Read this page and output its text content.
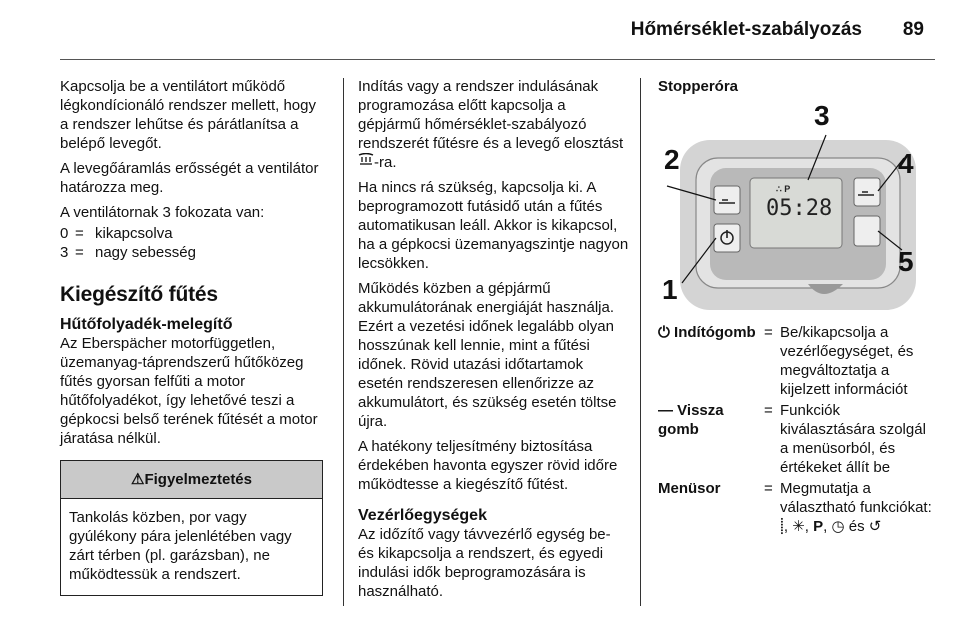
Hőmérséklet-szabályozás	89

Kapcsolja be a ventilátort működő légkondícionáló rendszer mellett, hogy a rendszer lehűtse és párátlanítsa a belépő levegőt.

A levegőáramlás erősségét a ventilátor határozza meg.

A ventilátornak 3 fokozata van:

0 = kikapcsolva
3 = nagy sebesség
Kiegészítő fűtés
Hűtőfolyadék-melegítő

Az Eberspächer motorfüggetlen, üzemanyag-táprendszerű hűtőközeg fűtés gyorsan felfűti a motor hűtőfolyadékot, így lehetővé teszi a gépkocsi belső terének fűtését a motor járatása nélkül.

⚠Figyelmeztetés
Tankolás közben, por vagy gyúlékony pára jelenlétében vagy zárt térben (pl. garázsban), ne működtessük a rendszert.

Indítás vagy a rendszer indulásának programozása előtt kapcsolja a gépjármű hőmérséklet-szabályozó rendszerét fűtésre és a levegő elosztást -ra.

Ha nincs rá szükség, kapcsolja ki. A beprogramozott futásidő után a fűtés automatikusan leáll. Akkor is kikapcsol, ha a gépkocsi üzemanyagszintje nagyon lecsökken.

Működés közben a gépjármű akkumulátorának energiáját használja. Ezért a vezetési időnek legalább olyan hosszúnak kell lennie, mint a fűtési időnek. Rövid utazási időtartamok esetén rendszeresen ellenőrizze az akkumulátort, és szükség esetén töltse újra.

A hatékony teljesítmény biztosítása érdekében havonta egyszer rövid időre működtesse a kiegészítő fűtést.

Vezérlőegységek

Az időzítő vagy távvezérlő egység be- és kikapcsolja a rendszert, és egyedi indulási idők beprogramozására is használható.

Stopperóra
∴ P
05:28
1
2
3
4
5
⏻ Indítógomb = Be/kikapcsolja a vezérlőegységet, és megváltoztatja a kijelzett információt
— Vissza gomb
= Funkciók kiválasztására szolgál a menüsorból, és értékeket állít be
Menüsor	= Megmutatja a választható funkciókat: ⸽, ✳, P, ◷ és ↺
